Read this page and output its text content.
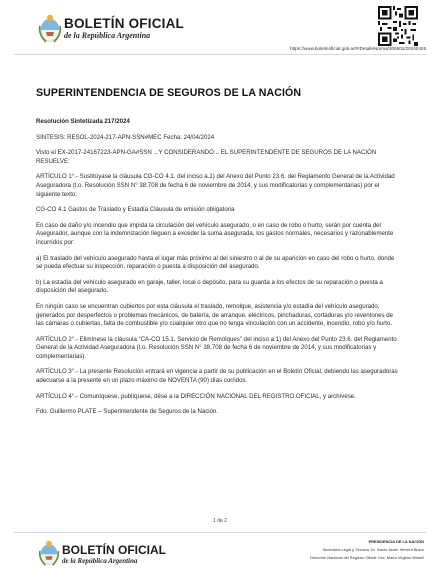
BOLETÍN OFICIAL
de la República Argentina
https://www.boletinoficial.gob.ar/#!DetalleNorma/306502/20240426
SUPERINTENDENCIA DE SEGUROS DE LA NACIÓN

Resolución Sintetizada 217/2024

SINTESIS: RESOL-2024-217-APN-SSN#MEC Fecha: 24/04/2024

Visto el EX-2017-24167223-APN-GA#SSN ...Y CONSIDERANDO... EL SUPERINTENDENTE DE SEGUROS DE LA NACIÓN RESUELVE:

ARTÍCULO 1°.- Sustitúyase la cláusula CG-CO 4.1. del inciso a.1) del Anexo del Punto 23.6. del Reglamento General de la Actividad Aseguradora (t.o. Resolución SSN N° 38.708 de fecha 6 de noviembre de 2014, y sus modificatorias y complementarias) por el siguiente texto:

CG-CO 4.1 Gastos de Traslado y Estadía Cláusula de emisión obligatoria

En caso de daño y/o incendio que impida la circulación del vehículo asegurado, o en caso de robo o hurto, serán por cuenta del Asegurador, aunque con la indemnización lleguen a exceder la suma asegurada, los gastos normales, necesarios y razonablemente incurridos por:

a) El traslado del vehículo asegurado hasta el lugar más próximo al del siniestro o al de su aparición en caso del robo o hurto, donde se pueda efectuar su inspección, reparación o puesta a disposición del asegurado.

b) La estadía del vehículo asegurado en garaje, taller, local o depósito, para su guarda a los efectos de su reparación o puesta a disposición del asegurado.

En ningún caso se encuentran cubiertos por esta cláusula el traslado, remolque, asistencia y/o estadía del vehículo asegurado, generados por desperfectos o problemas mecánicos, de batería, de arranque, eléctricos, pinchaduras, cortaduras y/o reventones de las cámaras o cubiertas, falta de combustible y/o cualquier otro que no tenga vinculación con un accidente, incendio, robo y/o hurto.

ARTÍCULO 2°.- Elimínese la cláusula “CA-CO 15.1. Servicio de Remolques” del inciso a.1) del Anexo del Punto 23.6. del Reglamento General de la Actividad Aseguradora (t.o. Resolución SSN N° 38.708 de fecha 6 de noviembre de 2014, y sus modificatorias y complementarias).

ARTÍCULO 3°.- La presente Resolución entrará en vigencia a partir de su publicación en el Boletín Oficial, debiendo las aseguradoras adecuarse a la presente en un plazo máximo de NOVENTA (90) días corridos.

ARTÍCULO 4°.- Comuníquese, publíquese, dése a la DIRECCIÓN NACIONAL DEL REGISTRO OFICIAL, y archívese.

Fdo. Guillermo PLATE – Superintendente de Seguros de la Nación.

1 de 2
BOLETÍN OFICIAL
de la República Argentina
PRESIDENCIA DE LA NACIÓN
Secretaría Legal y Técnica: Dr. Santo Javier Herrera Bravo
Dirección Nacional del Registro Oficial: Dra. María Virginia Villamil
